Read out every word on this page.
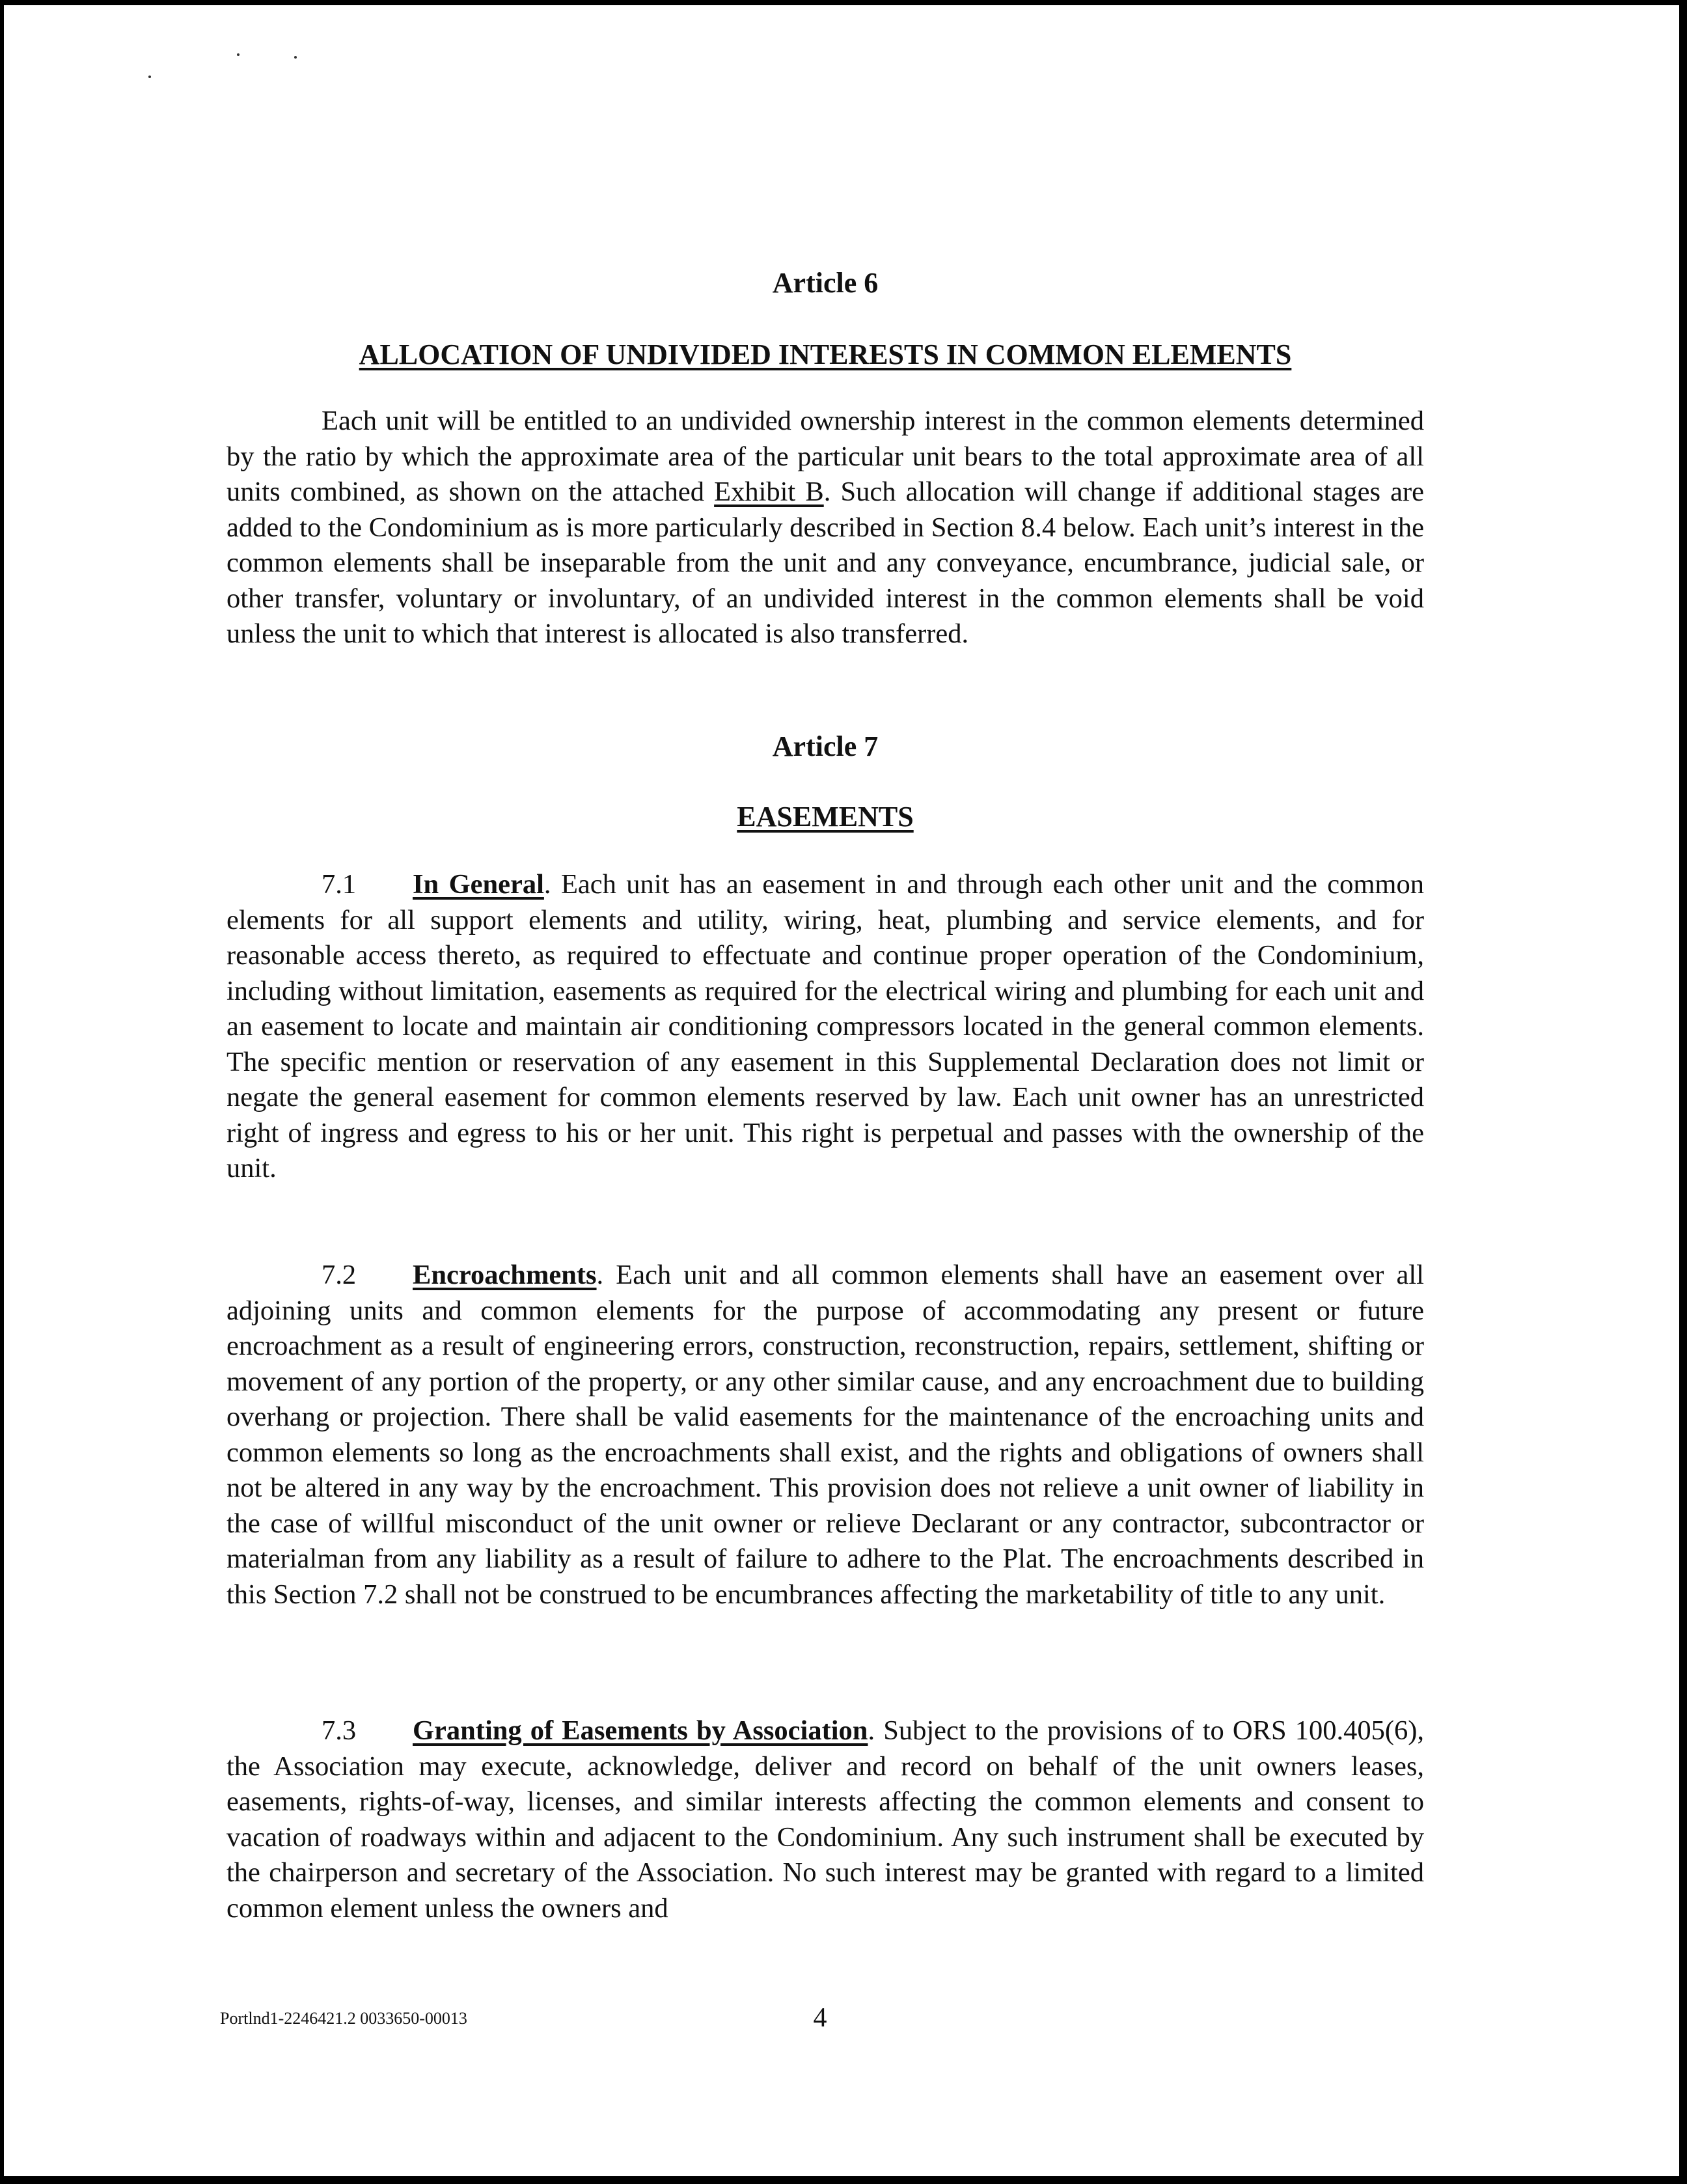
Article 6
ALLOCATION OF UNDIVIDED INTERESTS IN COMMON ELEMENTS

Each unit will be entitled to an undivided ownership interest in the common elements determined by the ratio by which the approximate area of the particular unit bears to the total approximate area of all units combined, as shown on the attached Exhibit B. Such allocation will change if additional stages are added to the Condominium as is more particularly described in Section 8.4 below. Each unit’s interest in the common elements shall be inseparable from the unit and any conveyance, encumbrance, judicial sale, or other transfer, voluntary or involuntary, of an undivided interest in the common elements shall be void unless the unit to which that interest is allocated is also transferred.

Article 7
EASEMENTS

7.1 In General. Each unit has an easement in and through each other unit and the common elements for all support elements and utility, wiring, heat, plumbing and service elements, and for reasonable access thereto, as required to effectuate and continue proper operation of the Condominium, including without limitation, easements as required for the electrical wiring and plumbing for each unit and an easement to locate and maintain air conditioning compressors located in the general common elements. The specific mention or reservation of any easement in this Supplemental Declaration does not limit or negate the general easement for common elements reserved by law. Each unit owner has an unrestricted right of ingress and egress to his or her unit. This right is perpetual and passes with the ownership of the unit.

7.2 Encroachments. Each unit and all common elements shall have an easement over all adjoining units and common elements for the purpose of accommodating any present or future encroachment as a result of engineering errors, construction, reconstruction, repairs, settlement, shifting or movement of any portion of the property, or any other similar cause, and any encroachment due to building overhang or projection. There shall be valid easements for the maintenance of the encroaching units and common elements so long as the encroachments shall exist, and the rights and obligations of owners shall not be altered in any way by the encroachment. This provision does not relieve a unit owner of liability in the case of willful misconduct of the unit owner or relieve Declarant or any contractor, subcontractor or materialman from any liability as a result of failure to adhere to the Plat. The encroachments described in this Section 7.2 shall not be construed to be encumbrances affecting the marketability of title to any unit.

7.3 Granting of Easements by Association. Subject to the provisions of to ORS 100.405(6), the Association may execute, acknowledge, deliver and record on behalf of the unit owners leases, easements, rights-of-way, licenses, and similar interests affecting the common elements and consent to vacation of roadways within and adjacent to the Condominium. Any such instrument shall be executed by the chairperson and secretary of the Association. No such interest may be granted with regard to a limited common element unless the owners and

Portlnd1-2246421.2 0033650-00013	4
